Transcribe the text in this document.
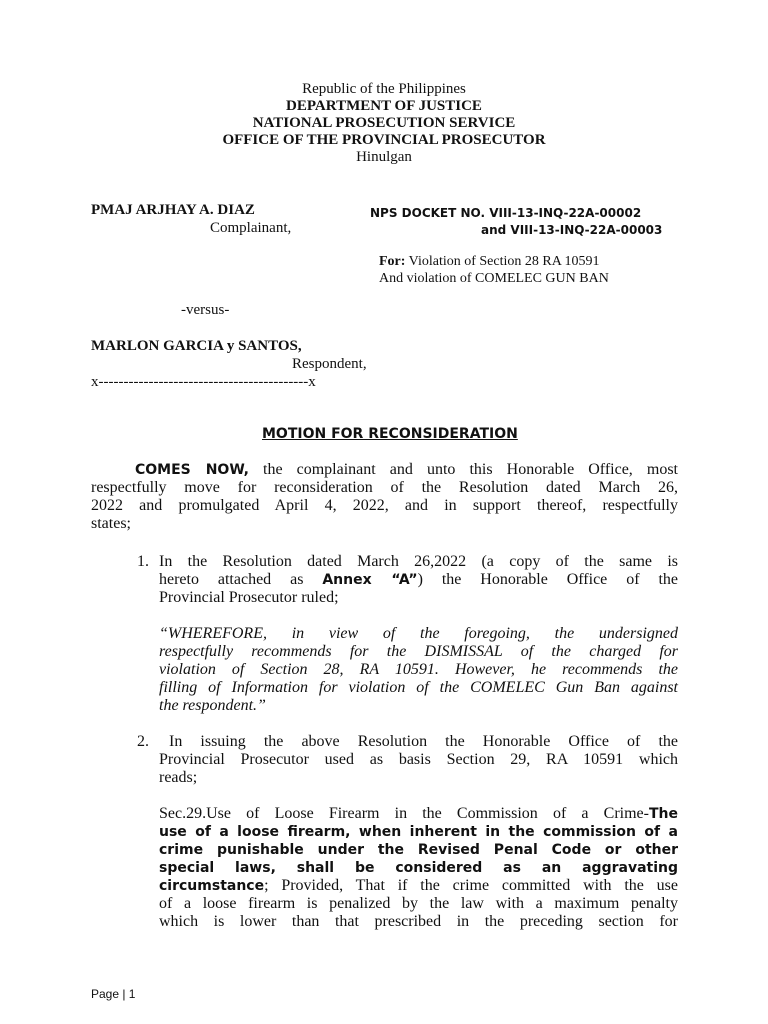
Republic of the Philippines
DEPARTMENT OF JUSTICE
NATIONAL PROSECUTION SERVICE
OFFICE OF THE PROVINCIAL PROSECUTOR
Hinulgan
PMAJ ARJHAY A. DIAZ
Complainant,
NPS DOCKET NO. VIII-13-INQ-22A-00002
and VIII-13-INQ-22A-00003
For: Violation of Section 28 RA 10591
And violation of COMELEC GUN BAN
-versus-
MARLON GARCIA y SANTOS,
Respondent,
x------------------------------------------x
MOTION FOR RECONSIDERATION
COMES NOW, the complainant and unto this Honorable Office, most
respectfully move for reconsideration of the Resolution dated March 26,
2022 and promulgated April 4, 2022, and in support thereof, respectfully
states;
1. In the Resolution dated March 26,2022 (a copy of the same is
hereto attached as Annex “A”) the Honorable Office of the
Provincial Prosecutor ruled;
“WHEREFORE, in view of the foregoing, the undersigned
respectfully recommends for the DISMISSAL of the charged for
violation of Section 28, RA 10591. However, he recommends the
filling of Information for violation of the COMELEC Gun Ban against
the respondent.”
2.	In issuing the above Resolution the Honorable Office of the
Provincial Prosecutor used as basis Section 29, RA 10591 which
reads;
Sec.29.Use of Loose Firearm in the Commission of a Crime-The
use of a loose firearm, when inherent in the commission of a
crime punishable under the Revised Penal Code or other
special laws, shall be considered as an aggravating
circumstance; Provided, That if the crime committed with the use
of a loose firearm is penalized by the law with a maximum penalty
which is lower than that prescribed in the preceding section for
Page | 1
